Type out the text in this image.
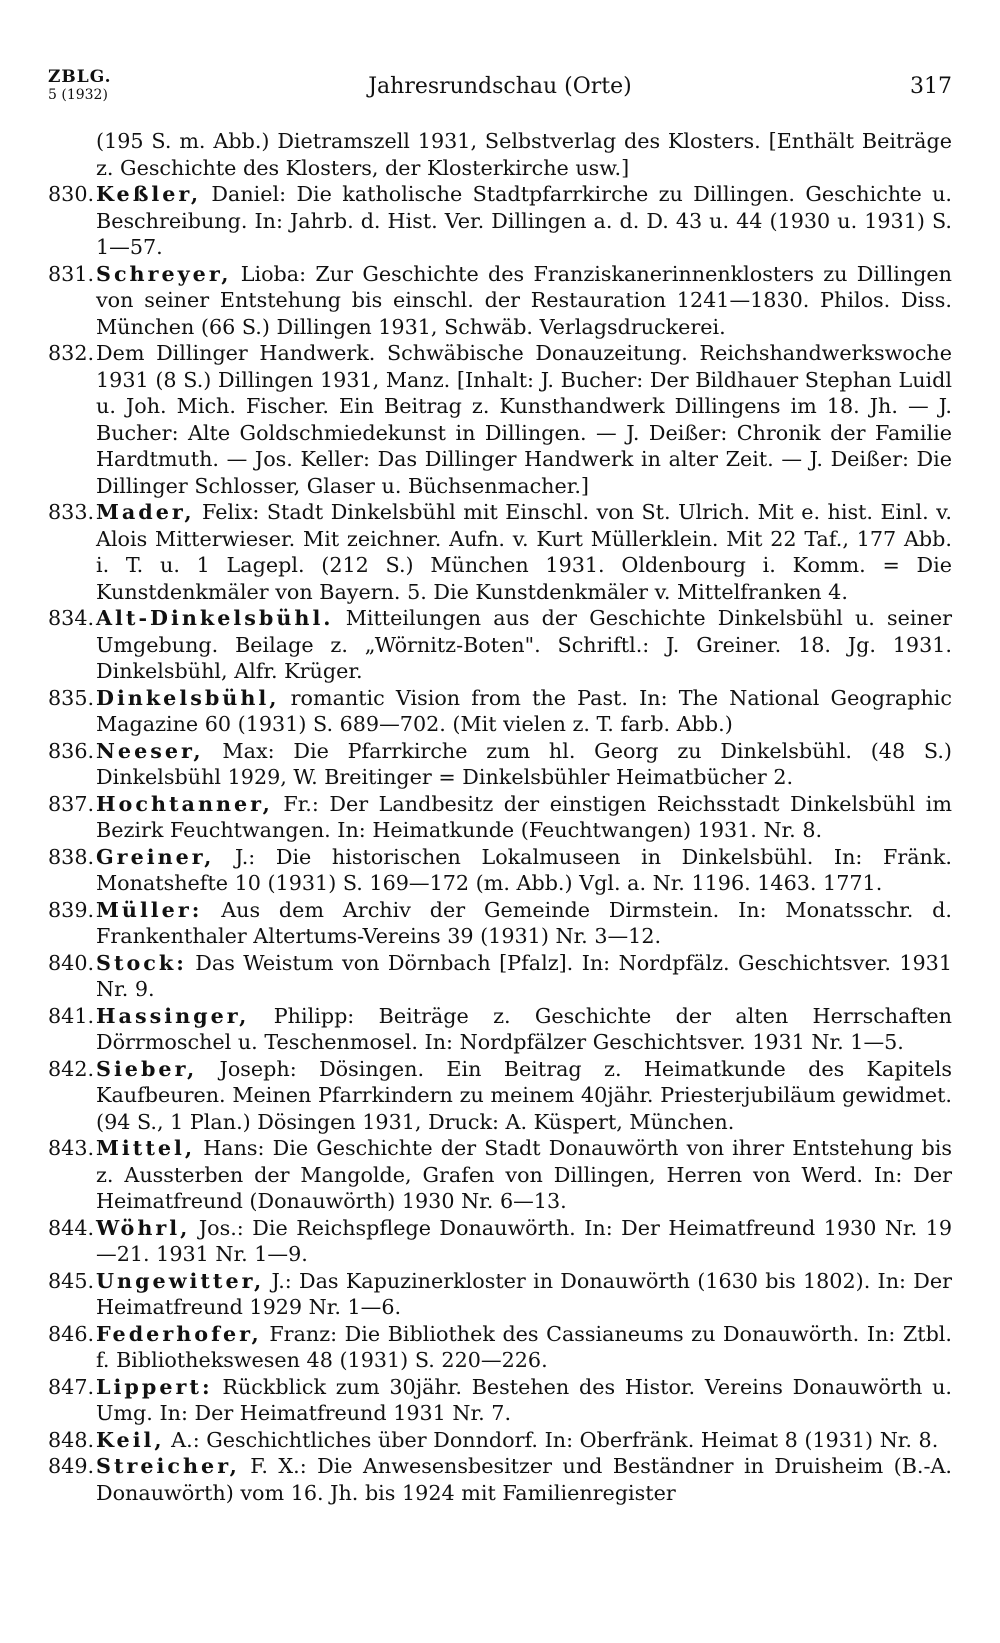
ZBLG.
5 (1932)	Jahresrundschau (Orte)	317

(195 S. m. Abb.) Dietramszell 1931, Selbstverlag des Klosters. [Enthält Beiträge z. Geschichte des Klosters, der Klosterkirche usw.]

830. Keßler, Daniel: Die katholische Stadtpfarrkirche zu Dillingen. Geschichte u. Beschreibung. In: Jahrb. d. Hist. Ver. Dillingen a. d. D. 43 u. 44 (1930 u. 1931) S. 1—57.
831. Schreyer, Lioba: Zur Geschichte des Franziskanerinnenklosters zu Dillingen von seiner Entstehung bis einschl. der Restauration 1241—1830. Philos. Diss. München (66 S.) Dillingen 1931, Schwäb. Verlagsdruckerei.
832. Dem Dillinger Handwerk. Schwäbische Donauzeitung. Reichshandwerkswoche 1931 (8 S.) Dillingen 1931, Manz. [Inhalt: J. Bucher: Der Bildhauer Stephan Luidl u. Joh. Mich. Fischer. Ein Beitrag z. Kunsthandwerk Dillingens im 18. Jh. — J. Bucher: Alte Goldschmiedekunst in Dillingen. — J. Deißer: Chronik der Familie Hardtmuth. — Jos. Keller: Das Dillinger Handwerk in alter Zeit. — J. Deißer: Die Dillinger Schlosser, Glaser u. Büchsenmacher.]
833. Mader, Felix: Stadt Dinkelsbühl mit Einschl. von St. Ulrich. Mit e. hist. Einl. v. Alois Mitterwieser. Mit zeichner. Aufn. v. Kurt Müllerklein. Mit 22 Taf., 177 Abb. i. T. u. 1 Lagepl. (212 S.) München 1931. Oldenbourg i. Komm. = Die Kunstdenkmäler von Bayern. 5. Die Kunstdenkmäler v. Mittelfranken 4.
834. Alt-Dinkelsbühl. Mitteilungen aus der Geschichte Dinkelsbühl u. seiner Umgebung. Beilage z. „Wörnitz-Boten". Schriftl.: J. Greiner. 18. Jg. 1931. Dinkelsbühl, Alfr. Krüger.
835. Dinkelsbühl, romantic Vision from the Past. In: The National Geographic Magazine 60 (1931) S. 689—702. (Mit vielen z. T. farb. Abb.)
836. Neeser, Max: Die Pfarrkirche zum hl. Georg zu Dinkelsbühl. (48 S.) Dinkelsbühl 1929, W. Breitinger = Dinkelsbühler Heimatbücher 2.
837. Hochtanner, Fr.: Der Landbesitz der einstigen Reichsstadt Dinkelsbühl im Bezirk Feuchtwangen. In: Heimatkunde (Feuchtwangen) 1931. Nr. 8.
838. Greiner, J.: Die historischen Lokalmuseen in Dinkelsbühl. In: Fränk. Monatshefte 10 (1931) S. 169—172 (m. Abb.) Vgl. a. Nr. 1196. 1463. 1771.
839. Müller: Aus dem Archiv der Gemeinde Dirmstein. In: Monatsschr. d. Frankenthaler Altertums-Vereins 39 (1931) Nr. 3—12.
840. Stock: Das Weistum von Dörnbach [Pfalz]. In: Nordpfälz. Geschichtsver. 1931 Nr. 9.
841. Hassinger, Philipp: Beiträge z. Geschichte der alten Herrschaften Dörrmoschel u. Teschenmosel. In: Nordpfälzer Geschichtsver. 1931 Nr. 1—5.
842. Sieber, Joseph: Dösingen. Ein Beitrag z. Heimatkunde des Kapitels Kaufbeuren. Meinen Pfarrkindern zu meinem 40jähr. Priesterjubiläum gewidmet. (94 S., 1 Plan.) Dösingen 1931, Druck: A. Küspert, München.
843. Mittel, Hans: Die Geschichte der Stadt Donauwörth von ihrer Entstehung bis z. Aussterben der Mangolde, Grafen von Dillingen, Herren von Werd. In: Der Heimatfreund (Donauwörth) 1930 Nr. 6—13.
844. Wöhrl, Jos.: Die Reichspflege Donauwörth. In: Der Heimatfreund 1930 Nr. 19—21. 1931 Nr. 1—9.
845. Ungewitter, J.: Das Kapuzinerkloster in Donauwörth (1630 bis 1802). In: Der Heimatfreund 1929 Nr. 1—6.
846. Federhofer, Franz: Die Bibliothek des Cassianeums zu Donauwörth. In: Ztbl. f. Bibliothekswesen 48 (1931) S. 220—226.
847. Lippert: Rückblick zum 30jähr. Bestehen des Histor. Vereins Donauwörth u. Umg. In: Der Heimatfreund 1931 Nr. 7.
848. Keil, A.: Geschichtliches über Donndorf. In: Oberfränk. Heimat 8 (1931) Nr. 8.
849. Streicher, F. X.: Die Anwesensbesitzer und Beständner in Druisheim (B.-A. Donauwörth) vom 16. Jh. bis 1924 mit Familienregister
